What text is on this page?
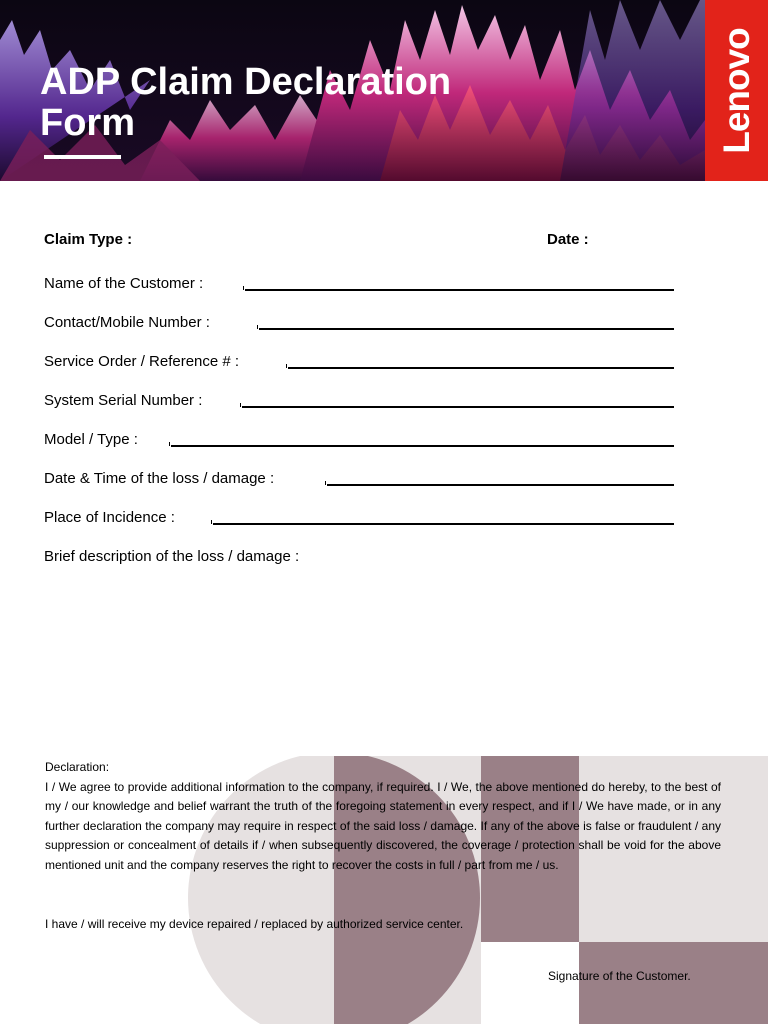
ADP Claim Declaration
Form	Lenovo
Claim Type :	Date :
Name of the Customer :
Contact/Mobile Number :
Service Order / Reference # :
System Serial Number :
Model / Type :
Date & Time of the loss / damage :
Place of Incidence :
Brief description of the loss / damage :
Declaration:
I / We agree to provide additional information to the company, if required. I / We, the above mentioned do hereby, to the best of my / our knowledge and belief warrant the truth of the foregoing statement in every respect, and if I / We have made, or in any further declaration the company may require in respect of the said loss / damage. If any of the above is false or fraudulent / any suppression or concealment of details if / when subsequently discovered, the coverage / protection shall be void for the above mentioned unit and the company reserves the right to recover the costs in full / part from me / us.
I have / will receive my device repaired / replaced by authorized service center.
Signature of the Customer.
